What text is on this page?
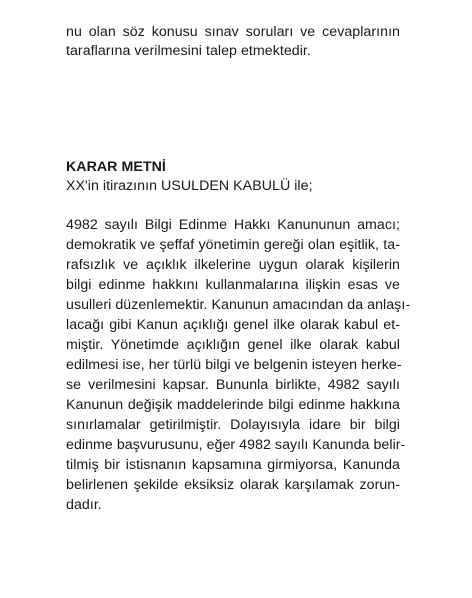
nu olan söz konusu sınav soruları ve cevaplarının
taraflarına verilmesini talep etmektedir.
KARAR METNİ
XX'in itirazının USULDEN KABULÜ ile;
4982 sayılı Bilgi Edinme Hakkı Kanununun amacı;
demokratik ve şeffaf yönetimin gereği olan eşitlik, ta-
rafsızlık ve açıklık ilkelerine uygun olarak kişilerin
bilgi edinme hakkını kullanmalarına ilişkin esas ve
usulleri düzenlemektir. Kanunun amacından da anlaşı-
lacağı gibi Kanun açıklığı genel ilke olarak kabul et-
miştir. Yönetimde açıklığın genel ilke olarak kabul
edilmesi ise, her türlü bilgi ve belgenin isteyen herke-
se verilmesini kapsar. Bununla birlikte, 4982 sayılı
Kanunun değişik maddelerinde bilgi edinme hakkına
sınırlamalar getirilmiştir. Dolayısıyla idare bir bilgi
edinme başvurusunu, eğer 4982 sayılı Kanunda belir-
tilmiş bir istisnanın kapsamına girmiyorsa, Kanunda
belirlenen şekilde eksiksiz olarak karşılamak zorun-
dadır.
